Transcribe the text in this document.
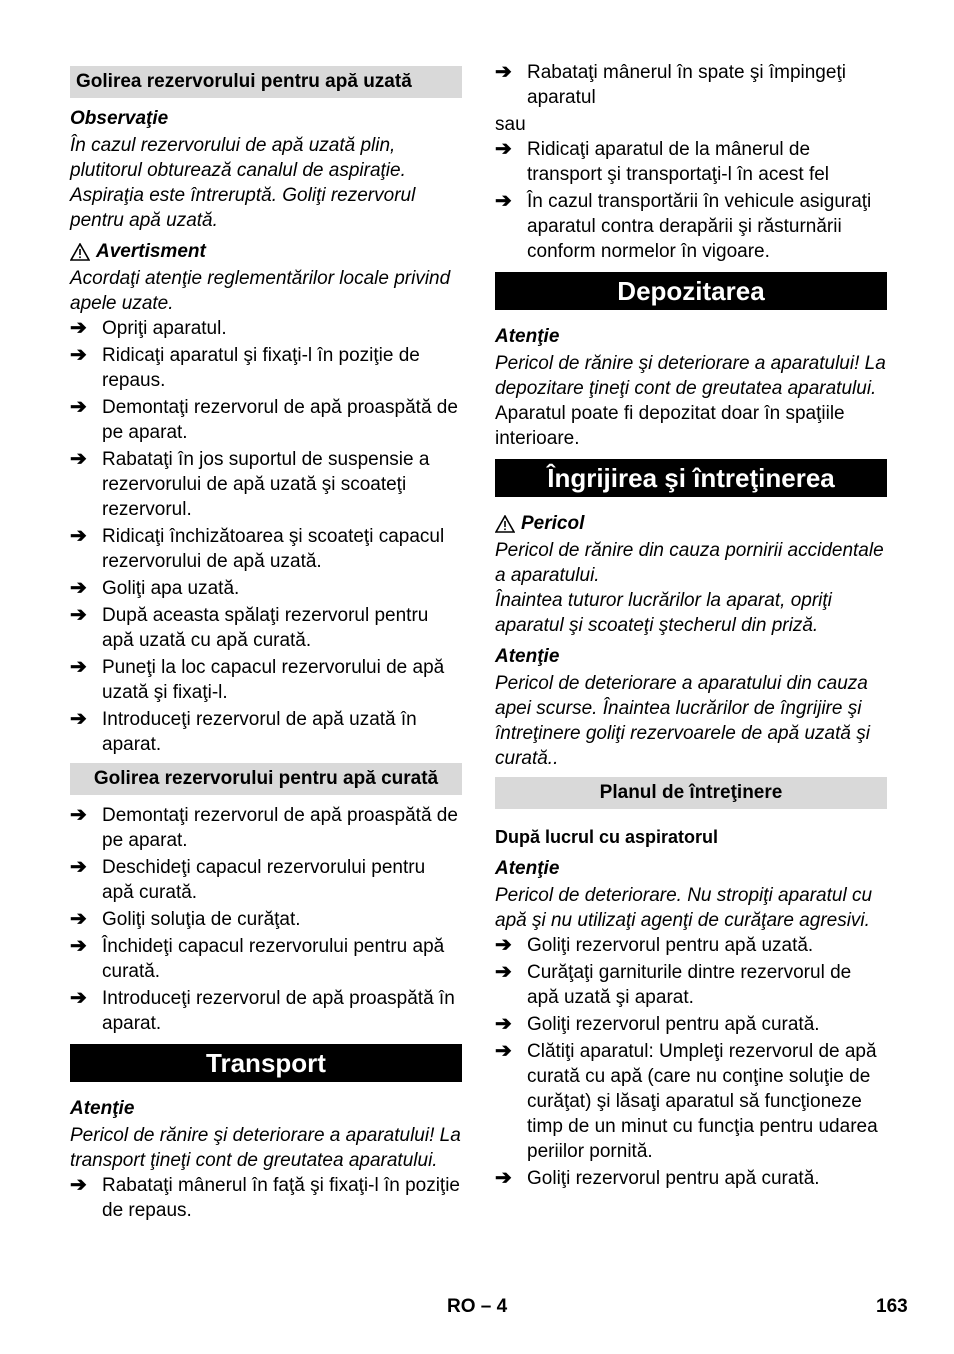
Golirea rezervorului pentru apă uzată
Observaţie

În cazul rezervorului de apă uzată plin, plutitorul obturează canalul de aspiraţie. Aspiraţia este întreruptă. Goliţi rezervorul pentru apă uzată.

Avertisment

Acordaţi atenţie reglementărilor locale privind apele uzate.

➔ Opriţi aparatul.
➔ Ridicaţi aparatul şi fixaţi-l în poziţie de repaus.
➔ Demontaţi rezervorul de apă proaspătă de pe aparat.
➔ Rabataţi în jos suportul de suspensie a rezervorului de apă uzată şi scoateţi rezervorul.
➔ Ridicaţi închizătoarea şi scoateţi capacul rezervorului de apă uzată.
➔ Goliţi apa uzată.
➔ După aceasta spălaţi rezervorul pentru apă uzată cu apă curată.
➔ Puneţi la loc capacul rezervorului de apă uzată şi fixaţi-l.
➔ Introduceţi rezervorul de apă uzată în aparat.
Golirea rezervorului pentru apă curată
➔ Demontaţi rezervorul de apă proaspătă de pe aparat.
➔ Deschideţi capacul rezervorului pentru apă curată.
➔ Goliţi soluţia de curăţat.
➔ Închideţi capacul rezervorului pentru apă curată.
➔ Introduceţi rezervorul de apă proaspătă în aparat.
Transport
Atenţie

Pericol de rănire şi deteriorare a aparatului! La transport ţineţi cont de greutatea aparatului.

➔ Rabataţi mânerul în faţă şi fixaţi-l în poziţie de repaus.
➔ Rabataţi mânerul în spate şi împingeţi aparatul

sau

➔ Ridicaţi aparatul de la mânerul de transport şi transportaţi-l în acest fel
➔ În cazul transportării în vehicule asiguraţi aparatul contra derapării şi răsturnării conform normelor în vigoare.
Depozitarea
Atenţie

Pericol de rănire şi deteriorare a aparatului! La depozitare ţineţi cont de greutatea aparatului.

Aparatul poate fi depozitat doar în spaţiile interioare.

Îngrijirea şi întreţinerea
Pericol

Pericol de rănire din cauza pornirii accidentale a aparatului.

Înaintea tuturor lucrărilor la aparat, opriţi aparatul şi scoateţi ştecherul din priză.

Atenţie

Pericol de deteriorare a aparatului din cauza apei scurse. Înaintea lucrărilor de îngrijire şi întreţinere goliţi rezervoarele de apă uzată şi curată..

Planul de întreţinere
După lucrul cu aspiratorul
Atenţie

Pericol de deteriorare. Nu stropiţi aparatul cu apă şi nu utilizaţi agenţi de curăţare agresivi.

➔ Goliţi rezervorul pentru apă uzată.
➔ Curăţaţi garniturile dintre rezervorul de apă uzată şi aparat.
➔ Goliţi rezervorul pentru apă curată.
➔ Clătiţi aparatul: Umpleţi rezervorul de apă curată cu apă (care nu conţine soluţie de curăţat) şi lăsaţi aparatul să funcţioneze timp de un minut cu funcţia pentru udarea periilor pornită.
➔ Goliţi rezervorul pentru apă curată.
RO – 4	163
